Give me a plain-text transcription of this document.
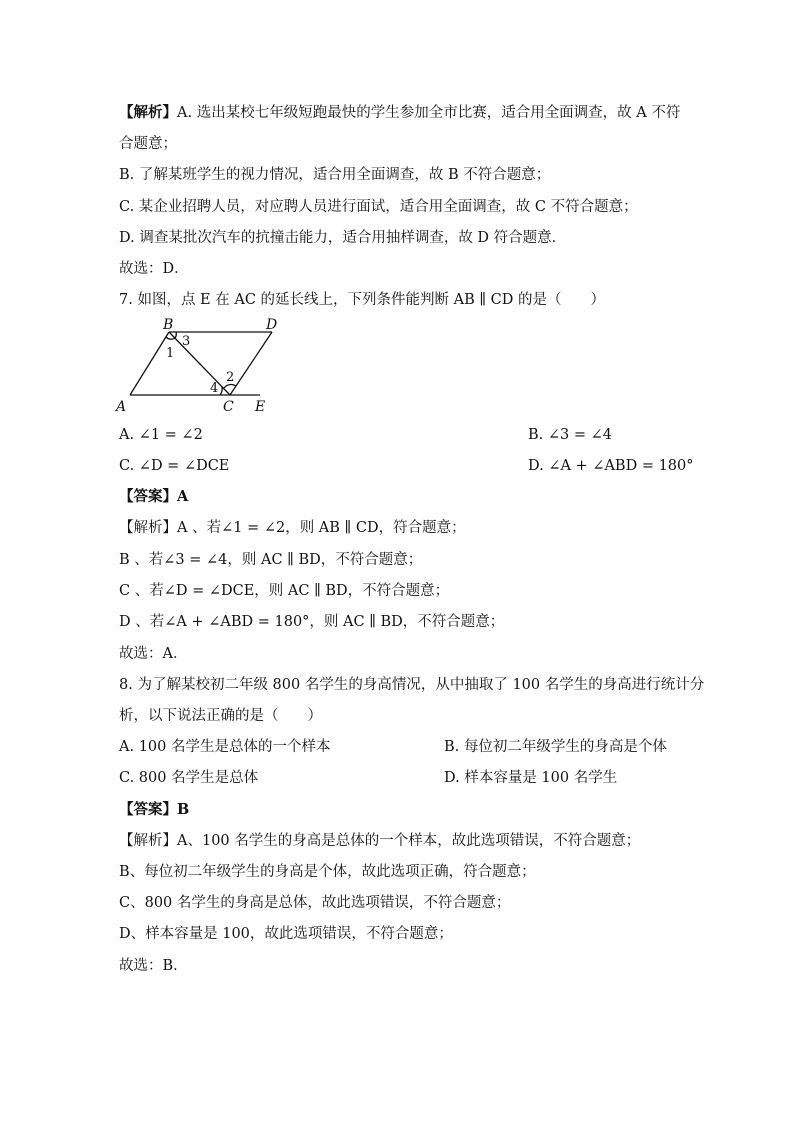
【解析】A. 选出某校七年级短跑最快的学生参加全市比赛，适合用全面调查，故 A 不符
合题意；
B. 了解某班学生的视力情况，适合用全面调查，故 B 不符合题意；
C. 某企业招聘人员，对应聘人员进行面试，适合用全面调查，故 C 不符合题意；
D. 调查某批次汽车的抗撞击能力，适合用抽样调查，故 D 符合题意．
故选：D．
7. 如图，点 E 在 AC 的延长线上，下列条件能判断 AB ∥ CD 的是（　　）
A
B
C
D
E
1
2
3
4
A. ∠1 = ∠2	B. ∠3 = ∠4
C. ∠D = ∠DCE	D. ∠A + ∠ABD = 180°
【答案】A
【解析】A 、若∠1 = ∠2，则 AB ∥ CD，符合题意；
B 、若∠3 = ∠4，则 AC ∥ BD，不符合题意；
C 、若∠D = ∠DCE，则 AC ∥ BD，不符合题意；
D 、若∠A + ∠ABD = 180°，则 AC ∥ BD，不符合题意；
故选：A．
8. 为了解某校初二年级 800 名学生的身高情况，从中抽取了 100 名学生的身高进行统计分
析，以下说法正确的是（　　）
A. 100 名学生是总体的一个样本	B. 每位初二年级学生的身高是个体
C. 800 名学生是总体	D. 样本容量是 100 名学生
【答案】B
【解析】A、100 名学生的身高是总体的一个样本，故此选项错误，不符合题意；
B、每位初二年级学生的身高是个体，故此选项正确，符合题意；
C、800 名学生的身高是总体，故此选项错误，不符合题意；
D、样本容量是 100，故此选项错误，不符合题意；
故选：B．
